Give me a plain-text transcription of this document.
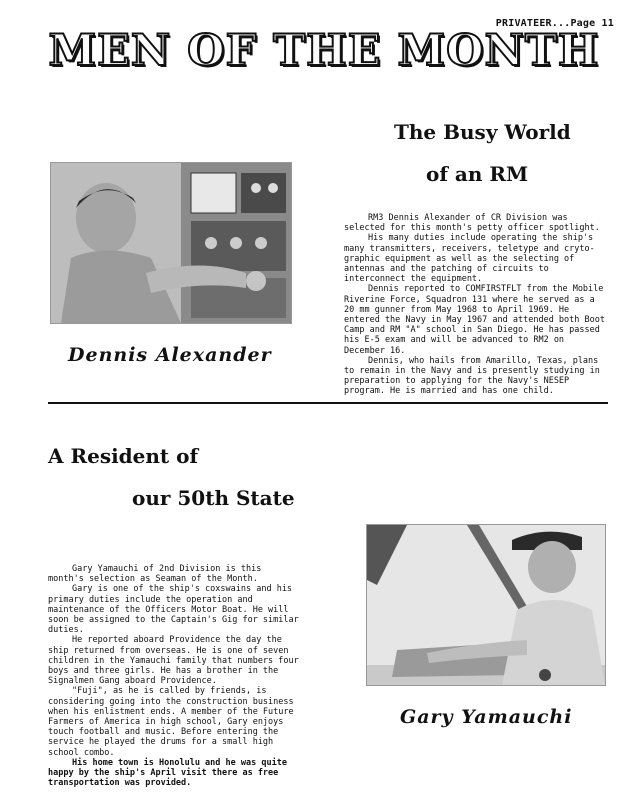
PRIVATEER...Page 11
MEN OF THE MONTH
The Busy World
of an RM
Dennis Alexander

RM3 Dennis Alexander of CR Division was selected for this month's petty officer spotlight.

His many duties include operating the ship's many transmitters, receivers, teletype and cryto-graphic equipment as well as the selecting of antennas and the patching of circuits to interconnect the equipment.

Dennis reported to COMFIRSTFLT from the Mobile Riverine Force, Squadron 131 where he served as a 20 mm gunner from May 1968 to April 1969. He entered the Navy in May 1967 and attended both Boot Camp and RM "A" school in San Diego. He has passed his E-5 exam and will be advanced to RM2 on December 16.

Dennis, who hails from Amarillo, Texas, plans to remain in the Navy and is presently studying in preparation to applying for the Navy's NESEP program. He is married and has one child.

A Resident of
our 50th State

Gary Yamauchi of 2nd Division is this month's selection as Seaman of the Month.

Gary is one of the ship's coxswains and his primary duties include the operation and maintenance of the Officers Motor Boat. He will soon be assigned to the Captain's Gig for similar duties.

He reported aboard Providence the day the ship returned from overseas. He is one of seven children in the Yamauchi family that numbers four boys and three girls. He has a brother in the Signalmen Gang aboard Providence.

"Fuji", as he is called by friends, is considering going into the construction business when his enlistment ends. A member of the Future Farmers of America in high school, Gary enjoys touch football and music. Before entering the service he played the drums for a small high school combo.

His home town is Honolulu and he was quite happy by the ship's April visit there as free transportation was provided.

Gary Yamauchi
